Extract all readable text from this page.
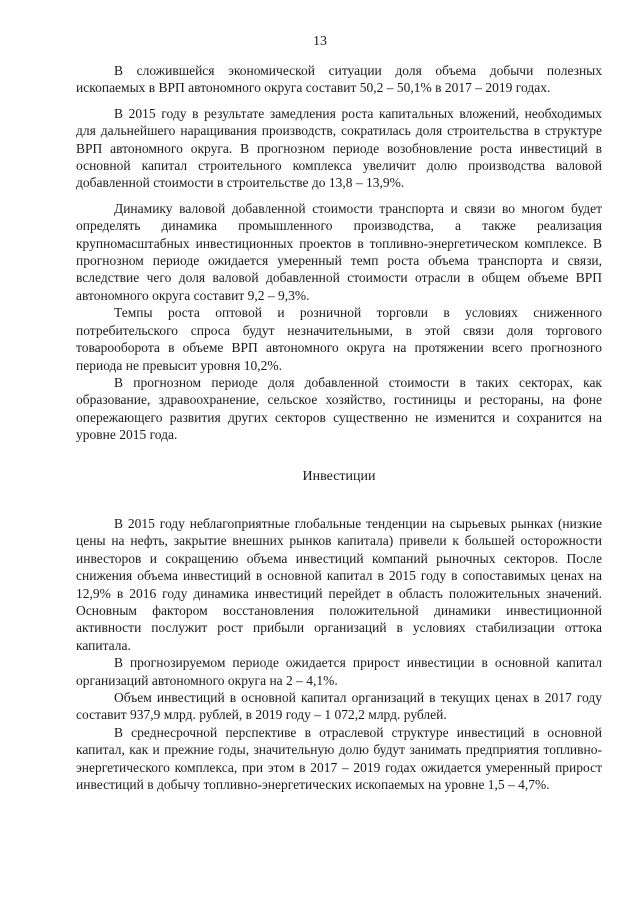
13

В сложившейся экономической ситуации доля объема добычи полезных ископаемых в ВРП автономного округа составит 50,2 – 50,1% в 2017 – 2019 годах.

В 2015 году в результате замедления роста капитальных вложений, необходимых для дальнейшего наращивания производств, сократилась доля строительства в структуре ВРП автономного округа. В прогнозном периоде возобновление роста инвестиций в основной капитал строительного комплекса увеличит долю производства валовой добавленной стоимости в строительстве до 13,8 – 13,9%.

Динамику валовой добавленной стоимости транспорта и связи во многом будет определять динамика промышленного производства, а также реализация крупномасштабных инвестиционных проектов в топливно-энергетическом комплексе. В прогнозном периоде ожидается умеренный темп роста объема транспорта и связи, вследствие чего доля валовой добавленной стоимости отрасли в общем объеме ВРП автономного округа составит 9,2 – 9,3%.

Темпы роста оптовой и розничной торговли в условиях сниженного потребительского спроса будут незначительными, в этой связи доля торгового товарооборота в объеме ВРП автономного округа на протяжении всего прогнозного периода не превысит уровня 10,2%.

В прогнозном периоде доля добавленной стоимости в таких секторах, как образование, здравоохранение, сельское хозяйство, гостиницы и рестораны, на фоне опережающего развития других секторов существенно не изменится и сохранится на уровне 2015 года.

Инвестиции

В 2015 году неблагоприятные глобальные тенденции на сырьевых рынках (низкие цены на нефть, закрытие внешних рынков капитала) привели к большей осторожности инвесторов и сокращению объема инвестиций компаний рыночных секторов. После снижения объема инвестиций в основной капитал в 2015 году в сопоставимых ценах на 12,9% в 2016 году динамика инвестиций перейдет в область положительных значений. Основным фактором восстановления положительной динамики инвестиционной активности послужит рост прибыли организаций в условиях стабилизации оттока капитала.

В прогнозируемом периоде ожидается прирост инвестиции в основной капитал организаций автономного округа на 2 – 4,1%.

Объем инвестиций в основной капитал организаций в текущих ценах в 2017 году составит 937,9 млрд. рублей, в 2019 году – 1 072,2 млрд. рублей.

В среднесрочной перспективе в отраслевой структуре инвестиций в основной капитал, как и прежние годы, значительную долю будут занимать предприятия топливно-энергетического комплекса, при этом в 2017 – 2019 годах ожидается умеренный прирост инвестиций в добычу топливно-энергетических ископаемых на уровне 1,5 – 4,7%.
